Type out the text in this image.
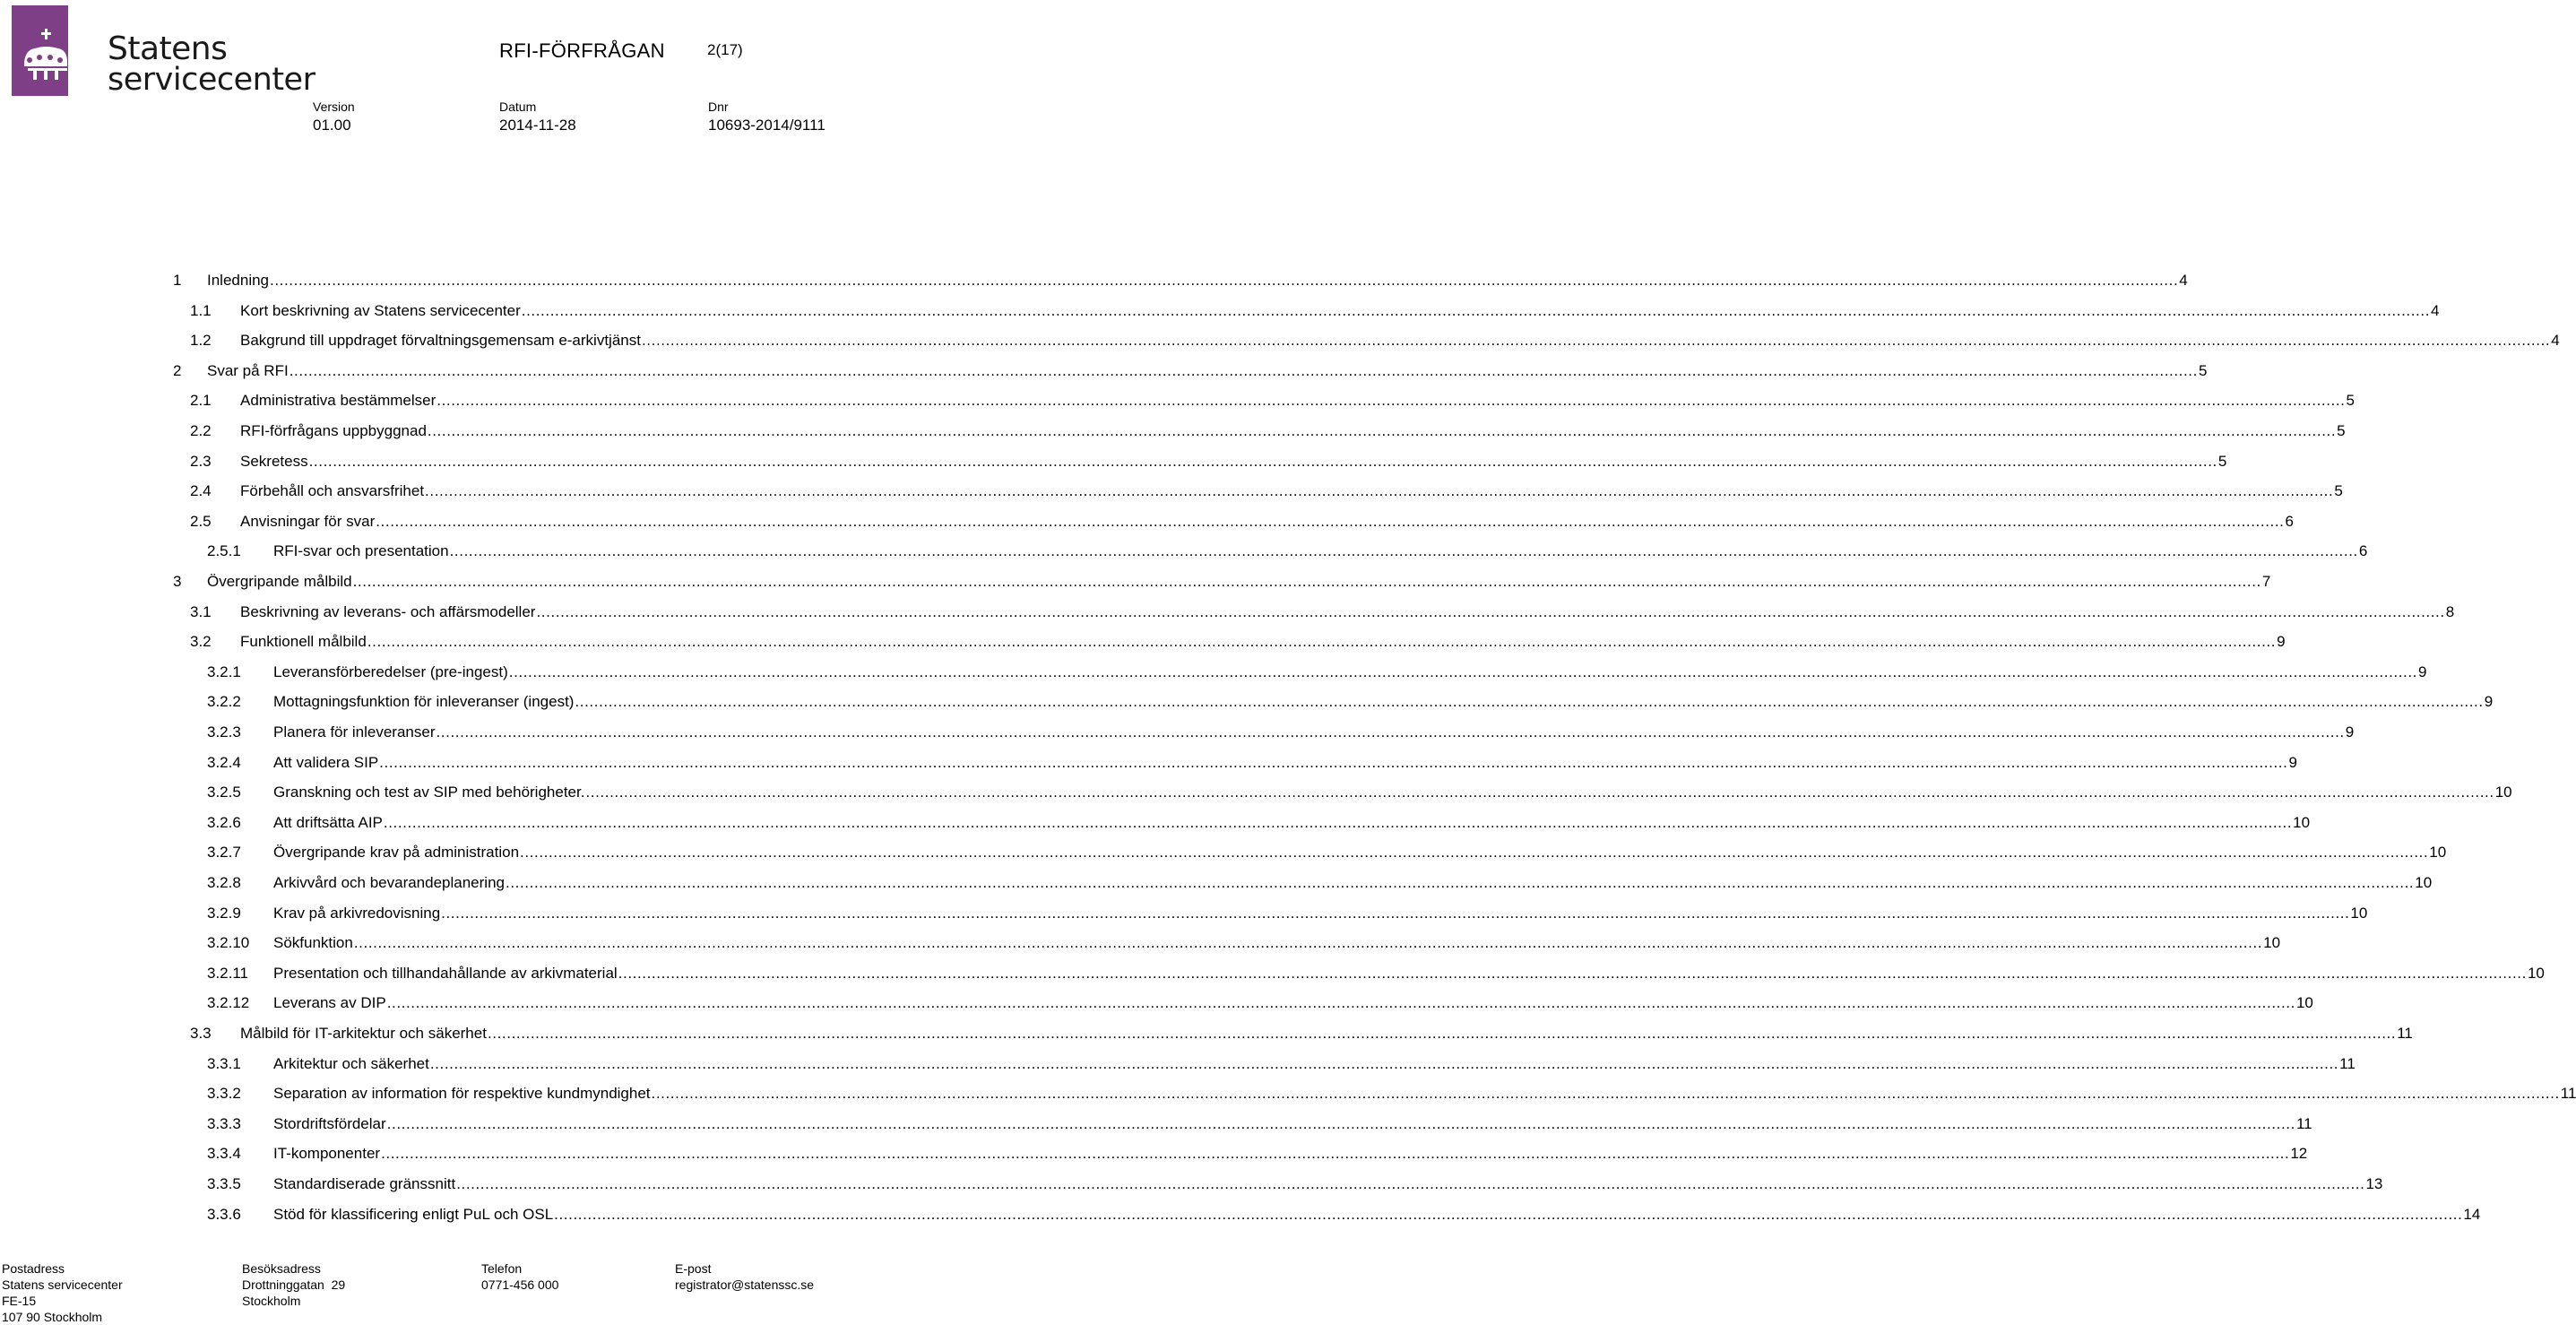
Statens
servicecenter
RFI-FÖRFRÅGAN	2(17)
Version
01.00
Datum
2014-11-28
Dnr
10693-2014/9111
1 Inledning ................................................................................................................................................................................................................................................................................................................................................................................................................ 4
1.1 Kort beskrivning av Statens servicecenter ................................................................................................................................................................................................................................................................................................................................................................................................................ 4
1.2 Bakgrund till uppdraget förvaltningsgemensam e-arkivtjänst ................................................................................................................................................................................................................................................................................................................................................................................................................ 4
2 Svar på RFI ................................................................................................................................................................................................................................................................................................................................................................................................................ 5
2.1 Administrativa bestämmelser ................................................................................................................................................................................................................................................................................................................................................................................................................ 5
2.2 RFI-förfrågans uppbyggnad ................................................................................................................................................................................................................................................................................................................................................................................................................ 5
2.3 Sekretess ................................................................................................................................................................................................................................................................................................................................................................................................................ 5
2.4 Förbehåll och ansvarsfrihet ................................................................................................................................................................................................................................................................................................................................................................................................................ 5
2.5 Anvisningar för svar ................................................................................................................................................................................................................................................................................................................................................................................................................ 6
2.5.1 RFI-svar och presentation ................................................................................................................................................................................................................................................................................................................................................................................................................ 6
3 Övergripande målbild ................................................................................................................................................................................................................................................................................................................................................................................................................ 7
3.1 Beskrivning av leverans- och affärsmodeller ................................................................................................................................................................................................................................................................................................................................................................................................................ 8
3.2 Funktionell målbild ................................................................................................................................................................................................................................................................................................................................................................................................................ 9
3.2.1 Leveransförberedelser (pre-ingest) ................................................................................................................................................................................................................................................................................................................................................................................................................ 9
3.2.2 Mottagningsfunktion för inleveranser (ingest) ................................................................................................................................................................................................................................................................................................................................................................................................................ 9
3.2.3 Planera för inleveranser ................................................................................................................................................................................................................................................................................................................................................................................................................ 9
3.2.4 Att validera SIP ................................................................................................................................................................................................................................................................................................................................................................................................................ 9
3.2.5 Granskning och test av SIP med behörigheter. ................................................................................................................................................................................................................................................................................................................................................................................................................ 10
3.2.6 Att driftsätta AIP ................................................................................................................................................................................................................................................................................................................................................................................................................ 10
3.2.7 Övergripande krav på administration ................................................................................................................................................................................................................................................................................................................................................................................................................ 10
3.2.8 Arkivvård och bevarandeplanering ................................................................................................................................................................................................................................................................................................................................................................................................................ 10
3.2.9 Krav på arkivredovisning ................................................................................................................................................................................................................................................................................................................................................................................................................ 10
3.2.10 Sökfunktion ................................................................................................................................................................................................................................................................................................................................................................................................................ 10
3.2.11 Presentation och tillhandahållande av arkivmaterial ................................................................................................................................................................................................................................................................................................................................................................................................................ 10
3.2.12 Leverans av DIP ................................................................................................................................................................................................................................................................................................................................................................................................................ 10
3.3 Målbild för IT-arkitektur och säkerhet ................................................................................................................................................................................................................................................................................................................................................................................................................ 11
3.3.1 Arkitektur och säkerhet ................................................................................................................................................................................................................................................................................................................................................................................................................ 11
3.3.2 Separation av information för respektive kundmyndighet ................................................................................................................................................................................................................................................................................................................................................................................................................ 11
3.3.3 Stordriftsfördelar ................................................................................................................................................................................................................................................................................................................................................................................................................ 11
3.3.4 IT-komponenter ................................................................................................................................................................................................................................................................................................................................................................................................................ 12
3.3.5 Standardiserade gränssnitt ................................................................................................................................................................................................................................................................................................................................................................................................................ 13
3.3.6 Stöd för klassificering enligt PuL och OSL ................................................................................................................................................................................................................................................................................................................................................................................................................ 14
Postadress
Statens servicecenter
FE-15
107 90 Stockholm
Besöksadress
Drottninggatan  29
Stockholm
Telefon
0771-456 000
E-post
registrator@statenssc.se
